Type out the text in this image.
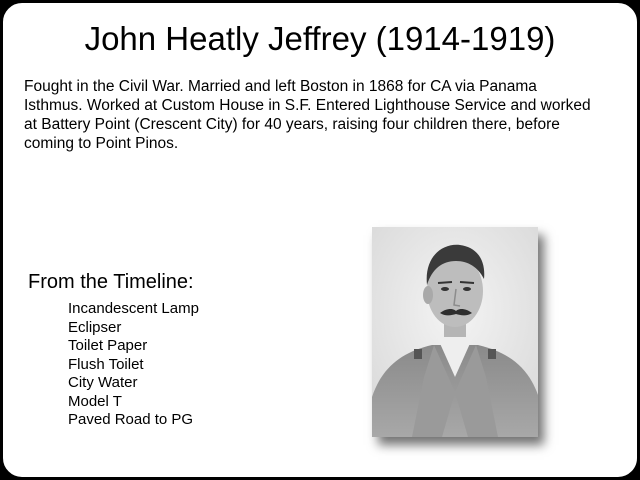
John Heatly Jeffrey (1914-1919)
Fought in the Civil War. Married and left Boston in 1868 for CA via Panama Isthmus. Worked at Custom House in S.F. Entered Lighthouse Service and worked at Battery Point (Crescent City) for 40 years, raising four children there, before coming to Point Pinos.
From the Timeline:
Incandescent Lamp
Eclipser
Toilet Paper
Flush Toilet
City Water
Model T
Paved Road to PG
